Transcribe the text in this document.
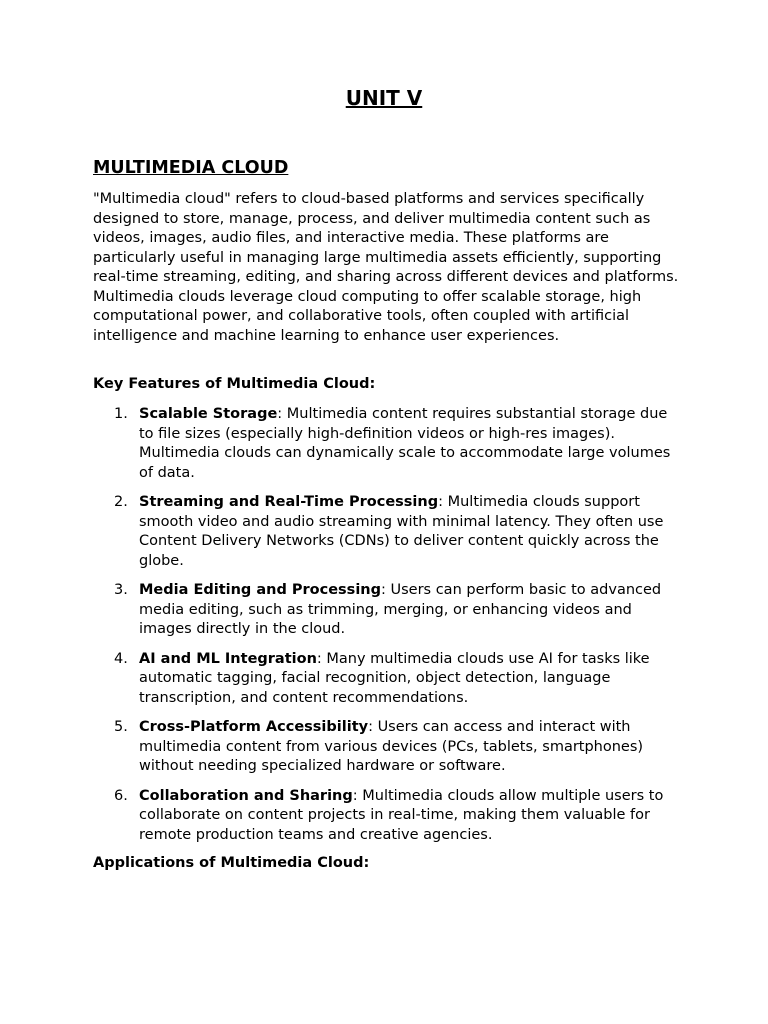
UNIT V
MULTIMEDIA CLOUD

"Multimedia cloud" refers to cloud-based platforms and services specifically designed to store, manage, process, and deliver multimedia content such as videos, images, audio files, and interactive media. These platforms are particularly useful in managing large multimedia assets efficiently, supporting real-time streaming, editing, and sharing across different devices and platforms. Multimedia clouds leverage cloud computing to offer scalable storage, high computational power, and collaborative tools, often coupled with artificial intelligence and machine learning to enhance user experiences.

Key Features of Multimedia Cloud:

1. Scalable Storage: Multimedia content requires substantial storage due to file sizes (especially high-definition videos or high-res images). Multimedia clouds can dynamically scale to accommodate large volumes of data.
2. Streaming and Real-Time Processing: Multimedia clouds support smooth video and audio streaming with minimal latency. They often use Content Delivery Networks (CDNs) to deliver content quickly across the globe.
3. Media Editing and Processing: Users can perform basic to advanced media editing, such as trimming, merging, or enhancing videos and images directly in the cloud.
4. AI and ML Integration: Many multimedia clouds use AI for tasks like automatic tagging, facial recognition, object detection, language transcription, and content recommendations.
5. Cross-Platform Accessibility: Users can access and interact with multimedia content from various devices (PCs, tablets, smartphones) without needing specialized hardware or software.
6. Collaboration and Sharing: Multimedia clouds allow multiple users to collaborate on content projects in real-time, making them valuable for remote production teams and creative agencies.

Applications of Multimedia Cloud:
